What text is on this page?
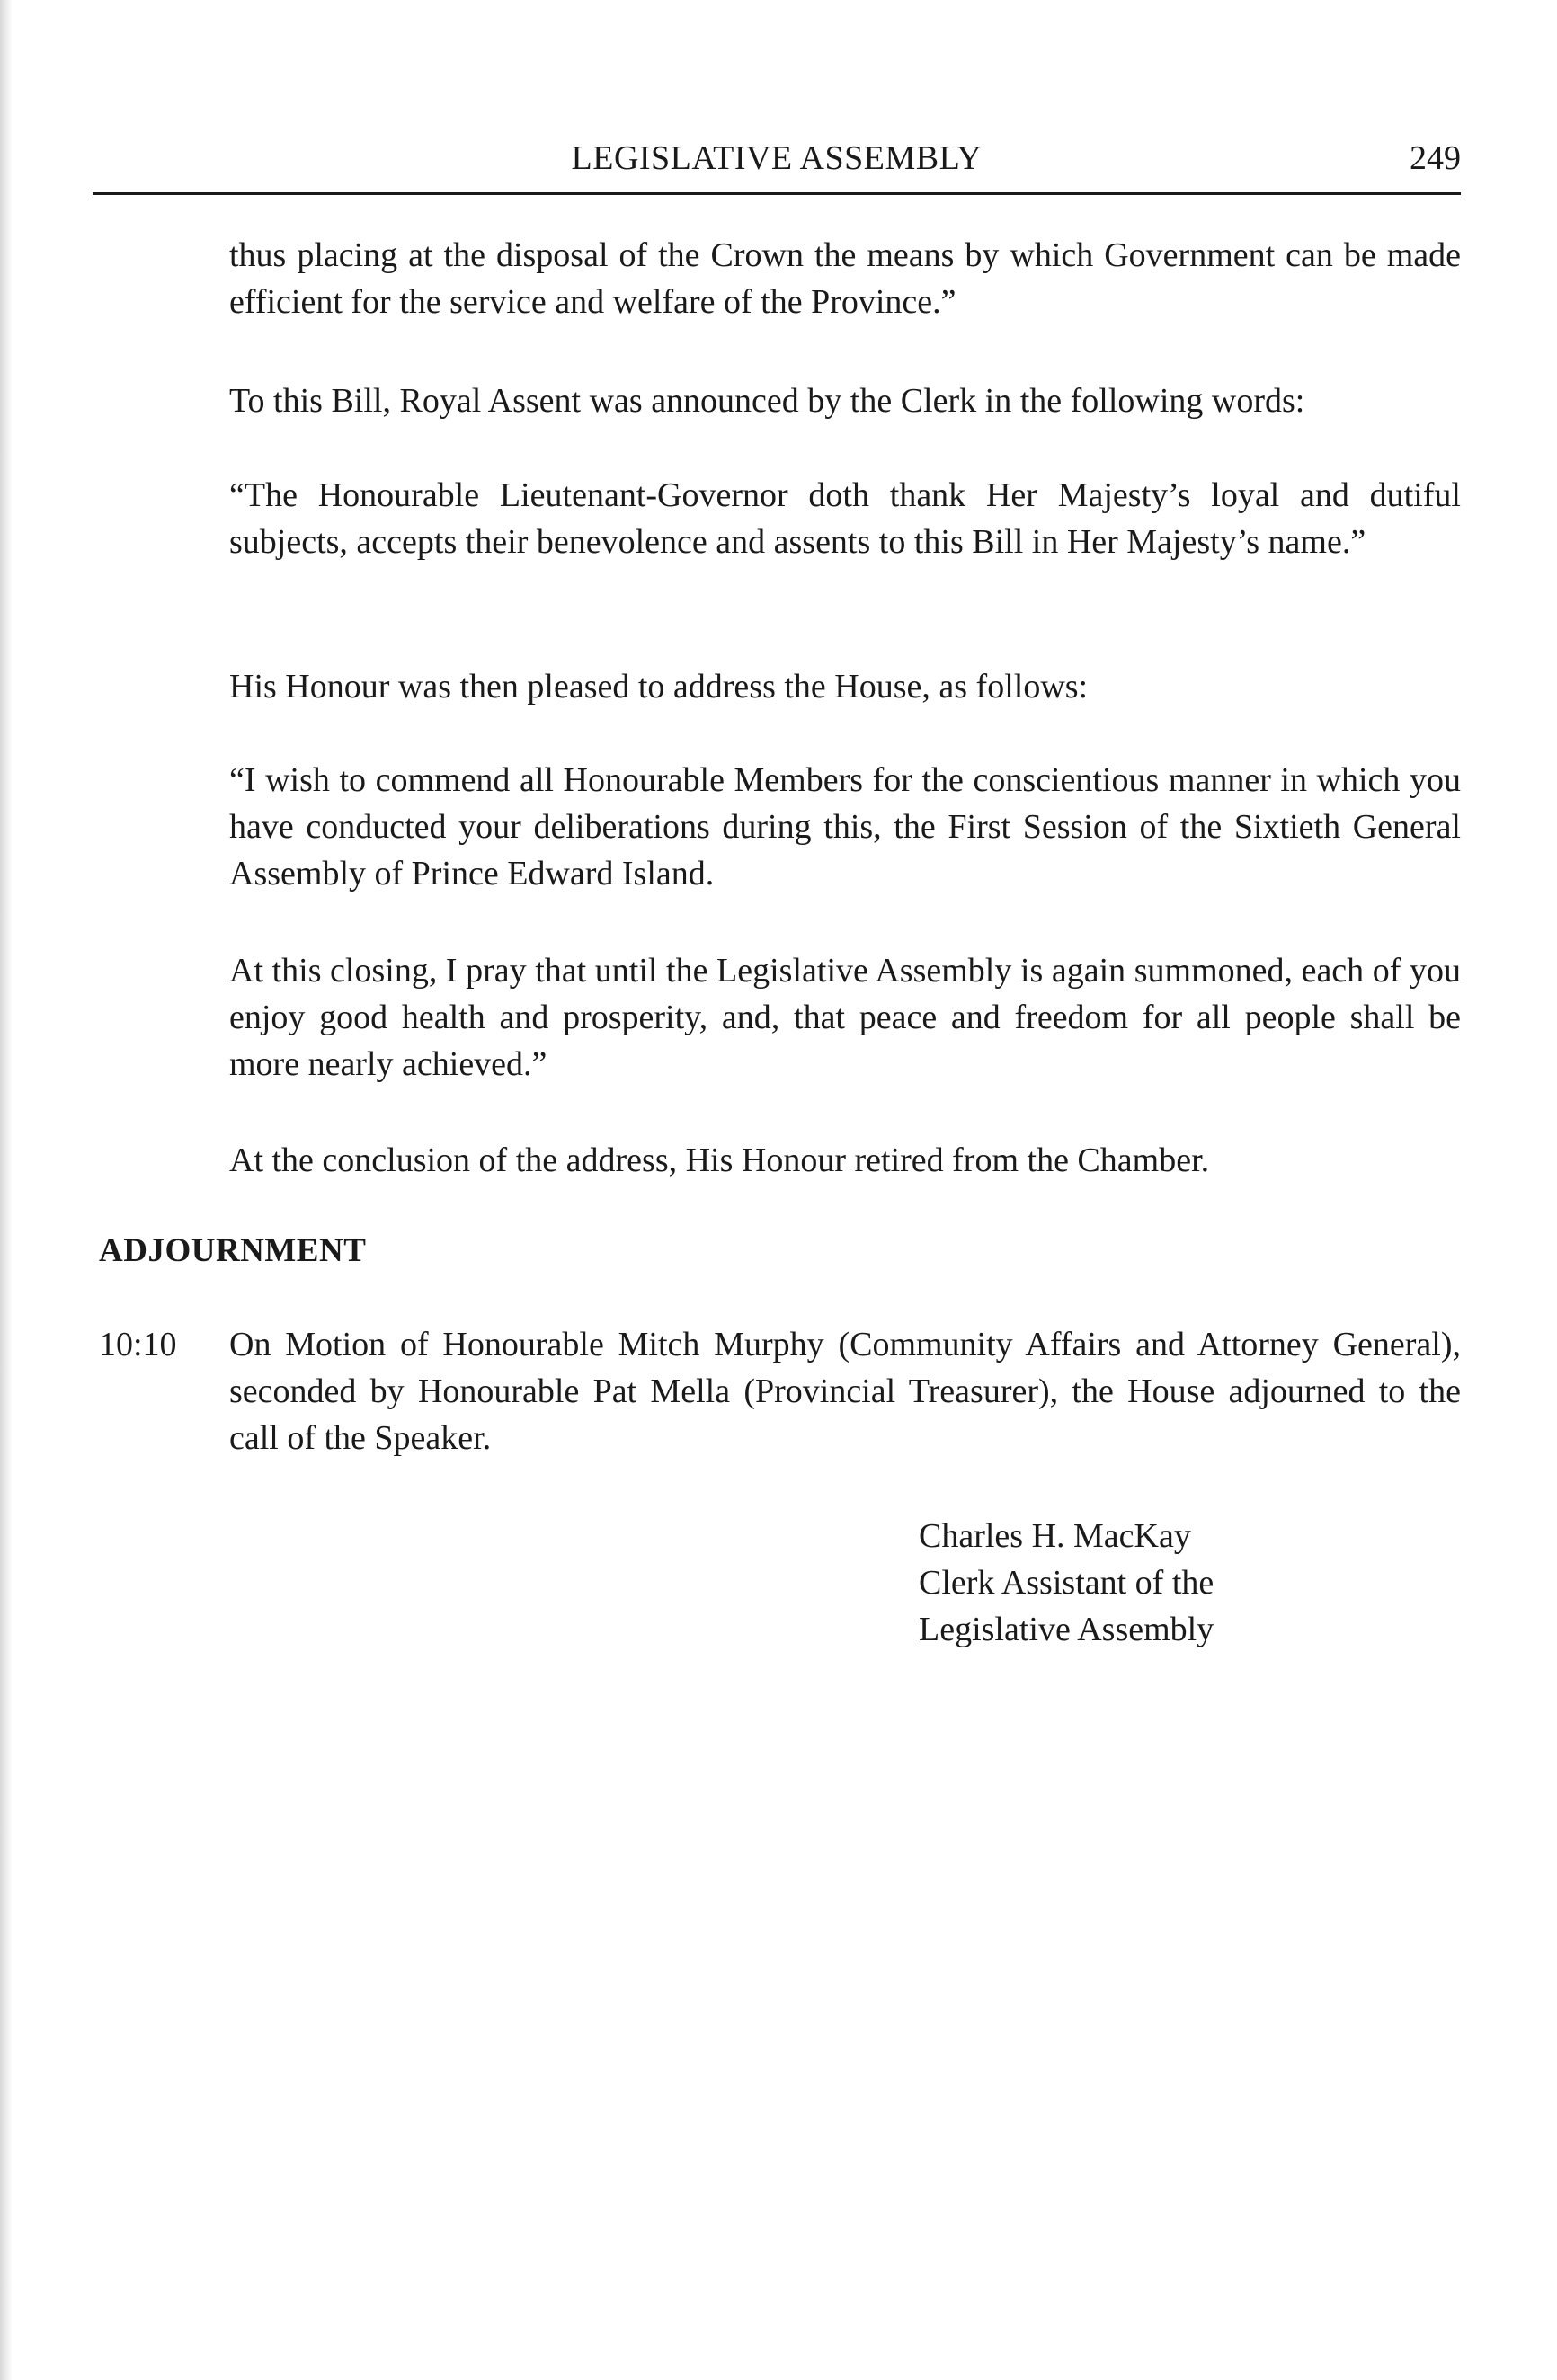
LEGISLATIVE ASSEMBLY	249

thus placing at the disposal of the Crown the means by which Government can be made efficient for the service and welfare of the Province.”

To this Bill, Royal Assent was announced by the Clerk in the following words:

“The Honourable Lieutenant-Governor doth thank Her Majesty’s loyal and dutiful subjects, accepts their benevolence and assents to this Bill in Her Majesty’s name.”

His Honour was then pleased to address the House, as follows:

“I wish to commend all Honourable Members for the conscientious manner in which you have conducted your deliberations during this, the First Session of the Sixtieth General Assembly of Prince Edward Island.

At this closing, I pray that until the Legislative Assembly is again summoned, each of you enjoy good health and prosperity, and, that peace and freedom for all people shall be more nearly achieved.”

At the conclusion of the address, His Honour retired from the Chamber.

ADJOURNMENT
10:10 On Motion of Honourable Mitch Murphy (Community Affairs and Attorney General), seconded by Honourable Pat Mella (Provincial Treasurer), the House adjourned to the call of the Speaker.

Charles H. MacKay
Clerk Assistant of the
Legislative Assembly
